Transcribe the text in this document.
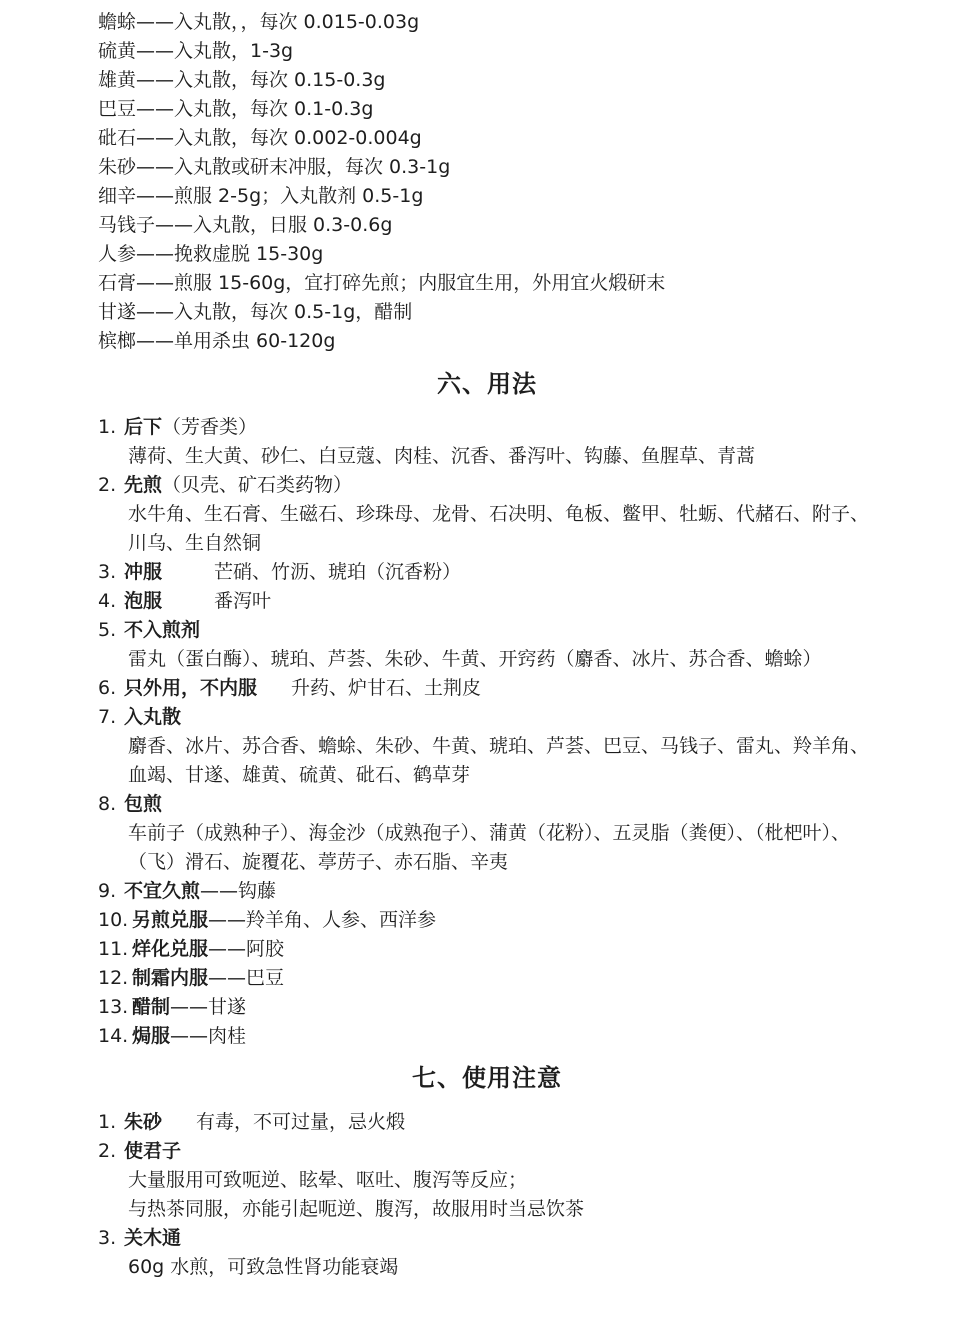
蟾蜍——入丸散，，每次 0.015-0.03g
硫黄——入丸散，1-3g
雄黄——入丸散，每次 0.15-0.3g
巴豆——入丸散，每次 0.1-0.3g
砒石——入丸散，每次 0.002-0.004g
朱砂——入丸散或研末冲服，每次 0.3-1g
细辛——煎服 2-5g；入丸散剂 0.5-1g
马钱子——入丸散，日服 0.3-0.6g
人参——挽救虚脱 15-30g
石膏——煎服 15-60g，宜打碎先煎；内服宜生用，外用宜火煅研末
甘遂——入丸散，每次 0.5-1g，醋制
槟榔——单用杀虫 60-120g
六、用法
1. 后下（芳香类）
薄荷、生大黄、砂仁、白豆蔻、肉桂、沉香、番泻叶、钩藤、鱼腥草、青蒿
2. 先煎（贝壳、矿石类药物）
水牛角、生石膏、生磁石、珍珠母、龙骨、石决明、龟板、鳖甲、牡蛎、代赭石、附子、
川乌、生自然铜
3. 冲服	芒硝、竹沥、琥珀（沉香粉）
4. 泡服	番泻叶
5. 不入煎剂
雷丸（蛋白酶）、琥珀、芦荟、朱砂、牛黄、开窍药（麝香、冰片、苏合香、蟾蜍）
6. 只外用，不内服 升药、炉甘石、土荆皮
7. 入丸散
麝香、冰片、苏合香、蟾蜍、朱砂、牛黄、琥珀、芦荟、巴豆、马钱子、雷丸、羚羊角、
血竭、甘遂、雄黄、硫黄、砒石、鹤草芽
8. 包煎
车前子（成熟种子）、海金沙（成熟孢子）、蒲黄（花粉）、五灵脂（粪便）、（枇杷叶）、
（飞）滑石、旋覆花、葶苈子、赤石脂、辛夷
9. 不宜久煎——钩藤
10. 另煎兑服——羚羊角、人参、西洋参
11. 烊化兑服——阿胶
12. 制霜内服——巴豆
13. 醋制——甘遂
14. 焗服——肉桂
七、使用注意
1. 朱砂 有毒，不可过量，忌火煅
2. 使君子
大量服用可致呃逆、眩晕、呕吐、腹泻等反应；
与热茶同服，亦能引起呃逆、腹泻，故服用时当忌饮茶
3. 关木通
60g 水煎，可致急性肾功能衰竭
